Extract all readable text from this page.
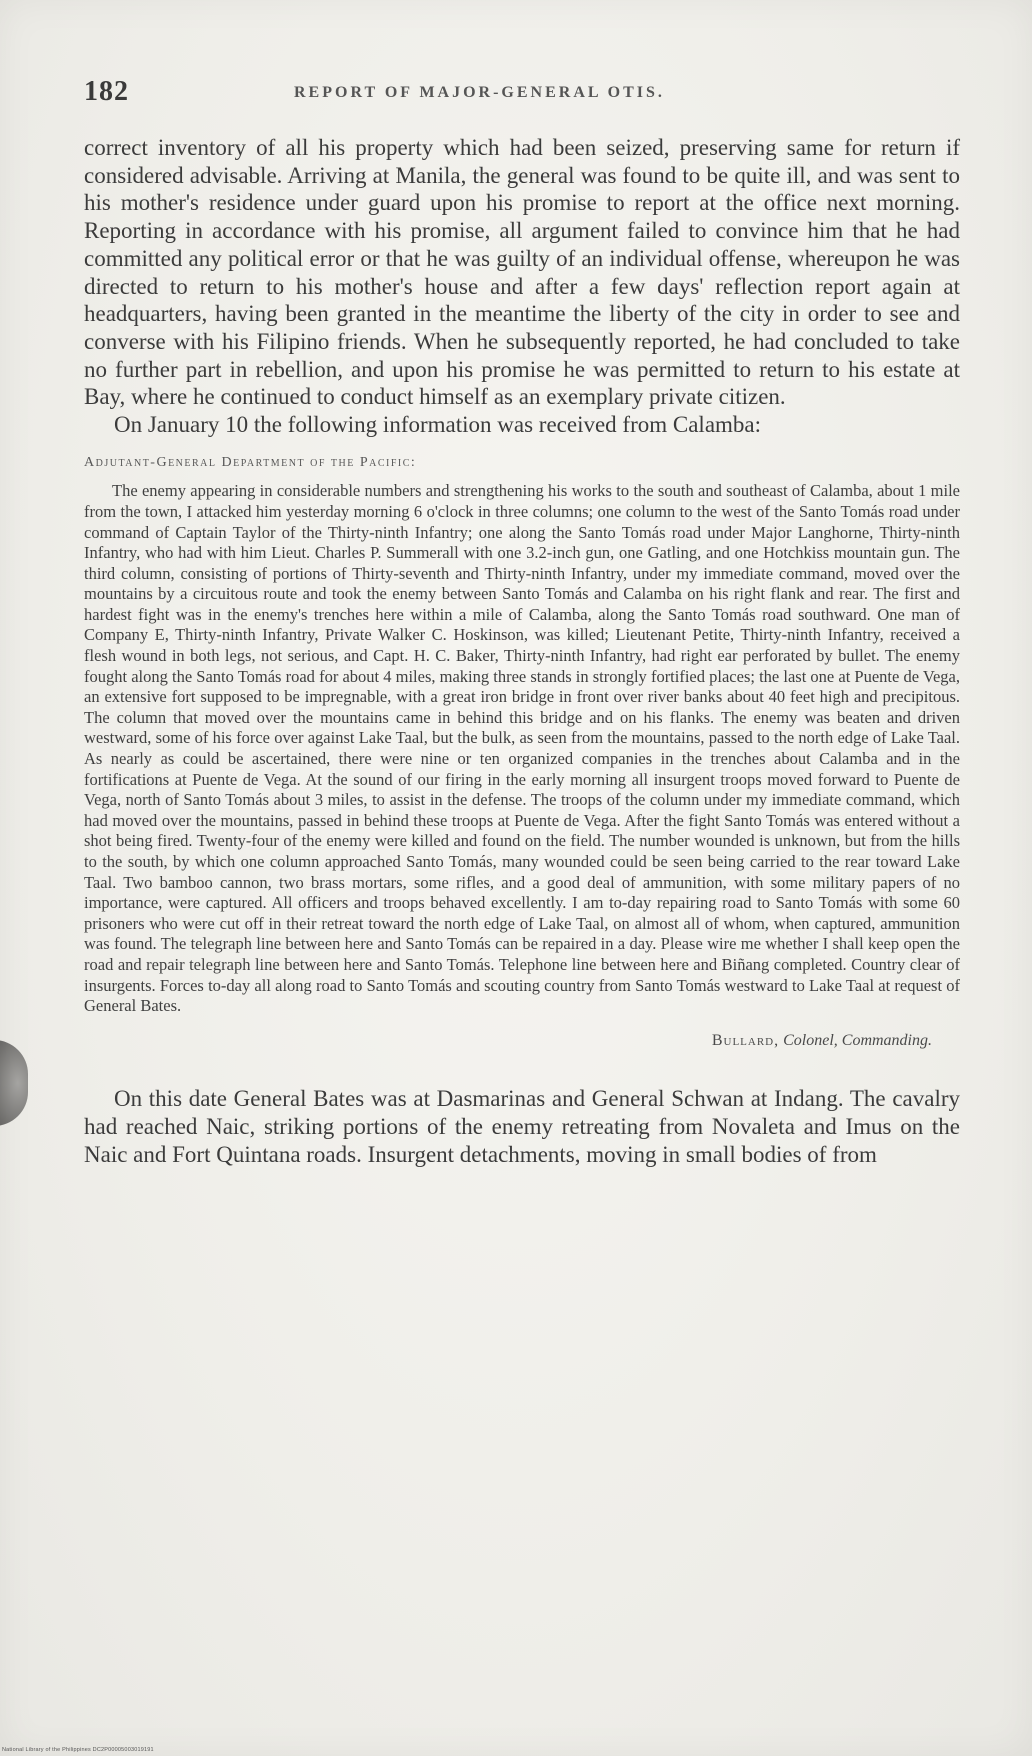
182	REPORT OF MAJOR-GENERAL OTIS.

correct inventory of all his property which had been seized, preserving same for return if considered advisable. Arriving at Manila, the general was found to be quite ill, and was sent to his mother's residence under guard upon his promise to report at the office next morning. Reporting in accordance with his promise, all argument failed to convince him that he had committed any political error or that he was guilty of an individual offense, whereupon he was directed to return to his mother's house and after a few days' reflection report again at headquarters, having been granted in the meantime the liberty of the city in order to see and converse with his Filipino friends. When he subsequently reported, he had concluded to take no further part in rebellion, and upon his promise he was permitted to return to his estate at Bay, where he continued to conduct himself as an exemplary private citizen.

On January 10 the following information was received from Calamba:

Adjutant-General Department of the Pacific:

The enemy appearing in considerable numbers and strengthening his works to the south and southeast of Calamba, about 1 mile from the town, I attacked him yesterday morning 6 o'clock in three columns; one column to the west of the Santo Tomás road under command of Captain Taylor of the Thirty-ninth Infantry; one along the Santo Tomás road under Major Langhorne, Thirty-ninth Infantry, who had with him Lieut. Charles P. Summerall with one 3.2-inch gun, one Gatling, and one Hotchkiss mountain gun. The third column, consisting of portions of Thirty-seventh and Thirty-ninth Infantry, under my immediate command, moved over the mountains by a circuitous route and took the enemy between Santo Tomás and Calamba on his right flank and rear. The first and hardest fight was in the enemy's trenches here within a mile of Calamba, along the Santo Tomás road southward. One man of Company E, Thirty-ninth Infantry, Private Walker C. Hoskinson, was killed; Lieutenant Petite, Thirty-ninth Infantry, received a flesh wound in both legs, not serious, and Capt. H. C. Baker, Thirty-ninth Infantry, had right ear perforated by bullet. The enemy fought along the Santo Tomás road for about 4 miles, making three stands in strongly fortified places; the last one at Puente de Vega, an extensive fort supposed to be impregnable, with a great iron bridge in front over river banks about 40 feet high and precipitous. The column that moved over the mountains came in behind this bridge and on his flanks. The enemy was beaten and driven westward, some of his force over against Lake Taal, but the bulk, as seen from the mountains, passed to the north edge of Lake Taal. As nearly as could be ascertained, there were nine or ten organized companies in the trenches about Calamba and in the fortifications at Puente de Vega. At the sound of our firing in the early morning all insurgent troops moved forward to Puente de Vega, north of Santo Tomás about 3 miles, to assist in the defense. The troops of the column under my immediate command, which had moved over the mountains, passed in behind these troops at Puente de Vega. After the fight Santo Tomás was entered without a shot being fired. Twenty-four of the enemy were killed and found on the field. The number wounded is unknown, but from the hills to the south, by which one column approached Santo Tomás, many wounded could be seen being carried to the rear toward Lake Taal. Two bamboo cannon, two brass mortars, some rifles, and a good deal of ammunition, with some military papers of no importance, were captured. All officers and troops behaved excellently. I am to-day repairing road to Santo Tomás with some 60 prisoners who were cut off in their retreat toward the north edge of Lake Taal, on almost all of whom, when captured, ammunition was found. The telegraph line between here and Santo Tomás can be repaired in a day. Please wire me whether I shall keep open the road and repair telegraph line between here and Santo Tomás. Telephone line between here and Biñang completed. Country clear of insurgents. Forces to-day all along road to Santo Tomás and scouting country from Santo Tomás westward to Lake Taal at request of General Bates.

Bullard, Colonel, Commanding.

On this date General Bates was at Dasmarinas and General Schwan at Indang. The cavalry had reached Naic, striking portions of the enemy retreating from Novaleta and Imus on the Naic and Fort Quintana roads. Insurgent detachments, moving in small bodies of from

National Library of the Philippines DC2P00005003019191
